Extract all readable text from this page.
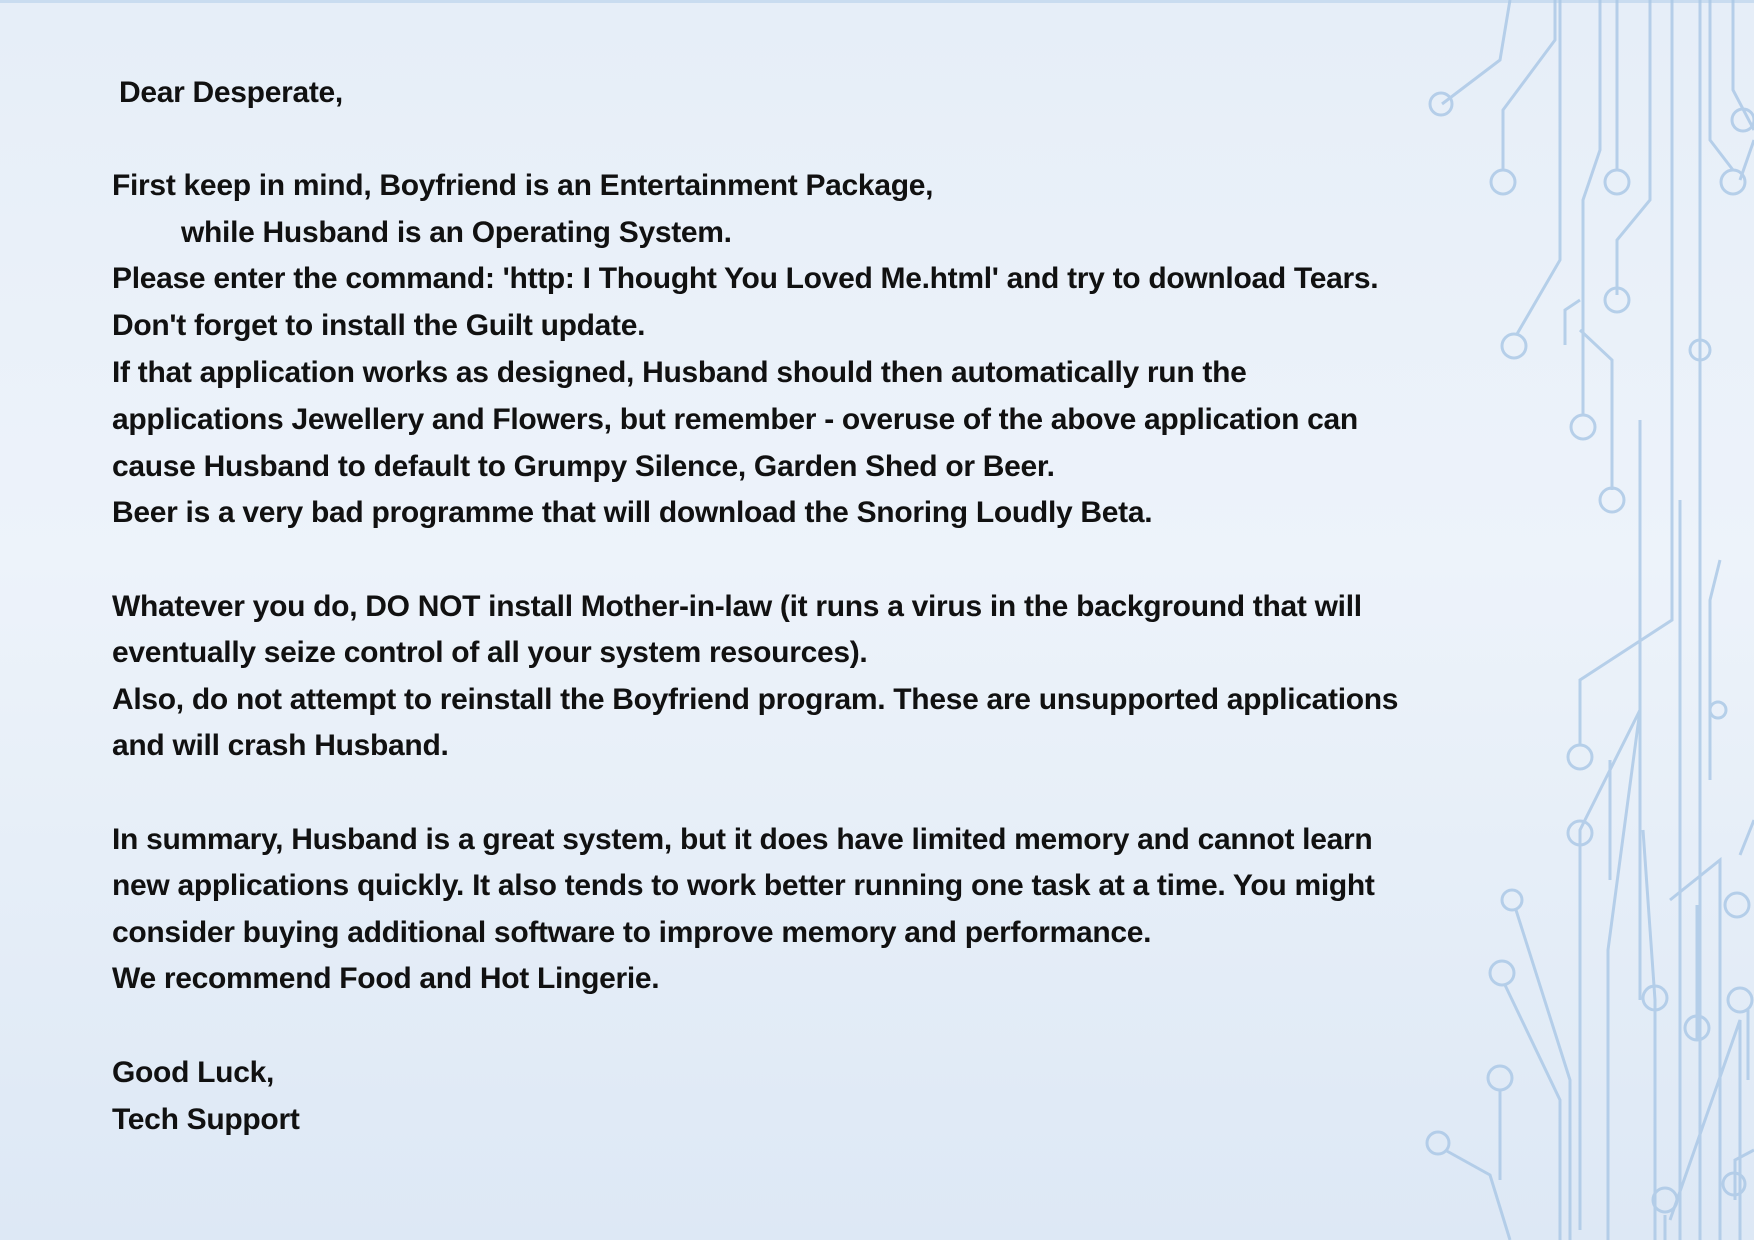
Dear Desperate,
First keep in mind, Boyfriend is an Entertainment Package,
while Husband is an Operating System.
Please enter the command: 'http: I Thought You Loved Me.html' and try to download Tears.
Don't forget to install the Guilt update.
If that application works as designed, Husband should then automatically run the
applications Jewellery and Flowers, but remember - overuse of the above application can
cause Husband to default to Grumpy Silence, Garden Shed or Beer.
Beer is a very bad programme that will download the Snoring Loudly Beta.
Whatever you do, DO NOT install Mother-in-law (it runs a virus in the background that will
eventually seize control of all your system resources).
Also, do not attempt to reinstall the Boyfriend program. These are unsupported applications
and will crash Husband.
In summary, Husband is a great system, but it does have limited memory and cannot learn
new applications quickly. It also tends to work better running one task at a time. You might
consider buying additional software to improve memory and performance.
We recommend Food and Hot Lingerie.
Good Luck,
Tech Support
